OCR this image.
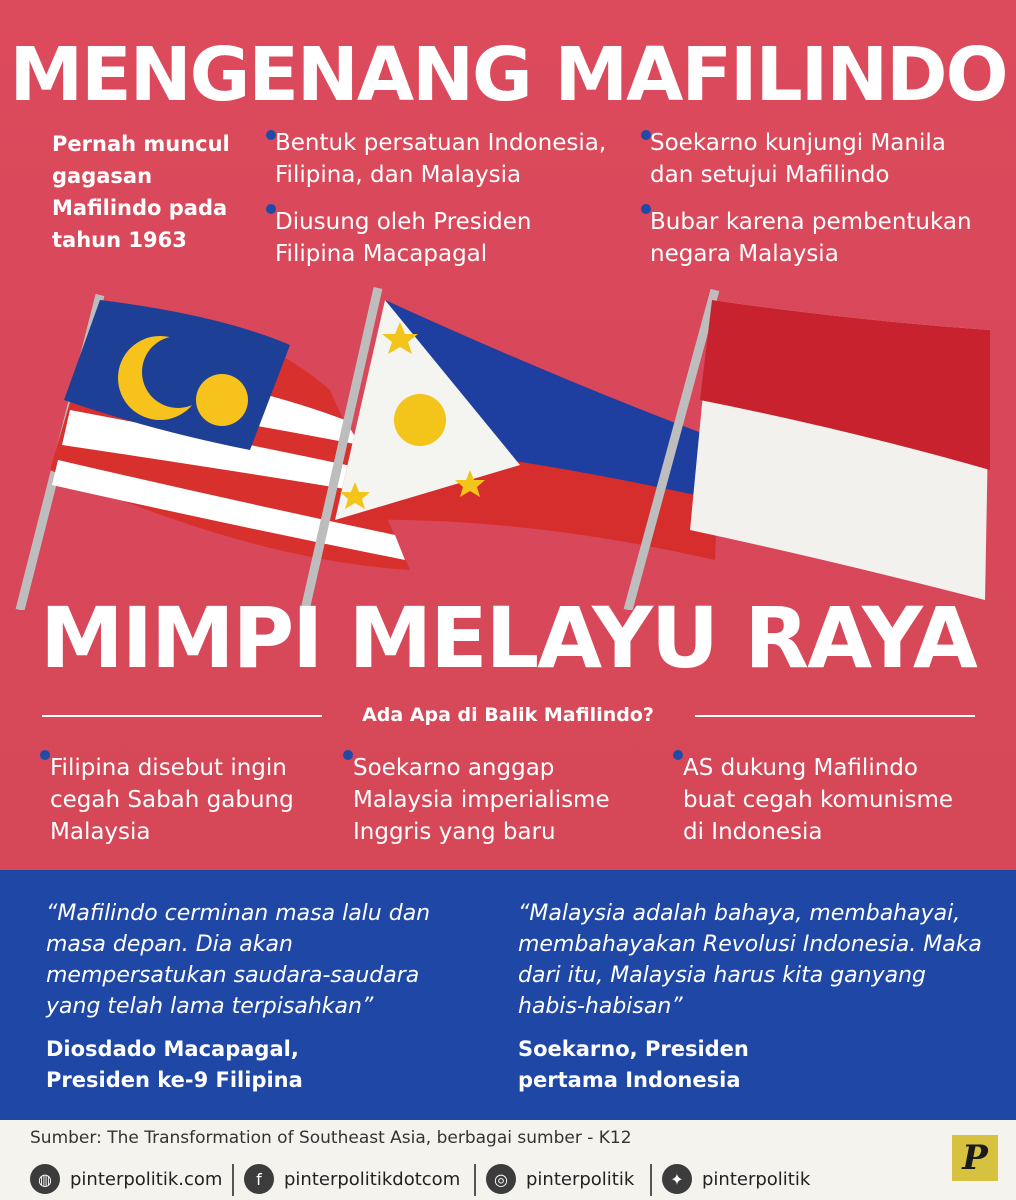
MENGENANG MAFILINDO
Pernah muncul gagasan Mafilindo pada tahun 1963
Bentuk persatuan Indonesia, Filipina, dan Malaysia
Diusung oleh Presiden Filipina Macapagal
Soekarno kunjungi Manila dan setujui Mafilindo
Bubar karena pembentukan negara Malaysia
MIMPI MELAYU RAYA
Ada Apa di Balik Mafilindo?
Filipina disebut ingin cegah Sabah gabung Malaysia
Soekarno anggap Malaysia imperialisme Inggris yang baru
AS dukung Mafilindo buat cegah komunisme di Indonesia
“Mafilindo cerminan masa lalu dan masa depan. Dia akan mempersatukan saudara-saudara yang telah lama terpisahkan”
Diosdado Macapagal, Presiden ke-9 Filipina
“Malaysia adalah bahaya, membahayai, membahayakan Revolusi Indonesia. Maka dari itu, Malaysia harus kita ganyang habis-habisan”
Soekarno, Presiden pertama Indonesia
Sumber: The Transformation of Southeast Asia, berbagai sumber - K12
◍	pinterpolitik.com	f	pinterpolitikdotcom	◎	pinterpolitik	✦	pinterpolitik
P
